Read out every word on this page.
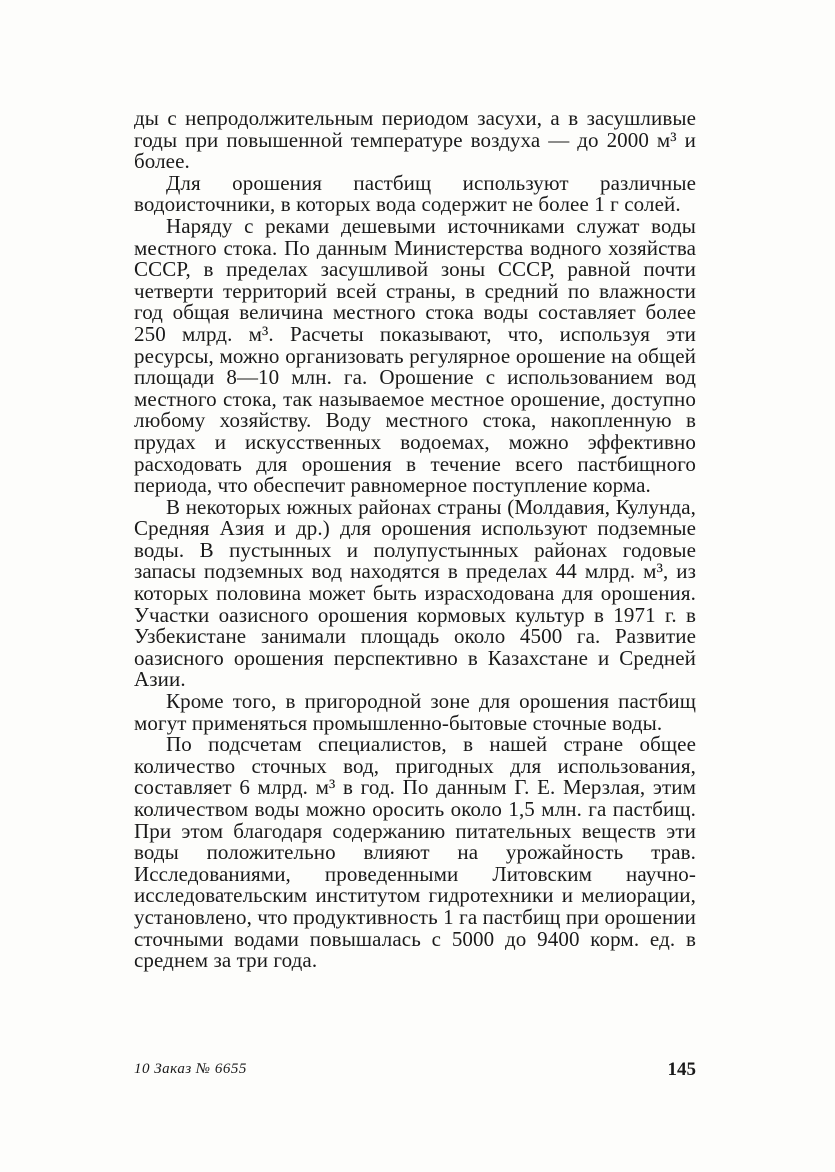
ды с непродолжительным периодом засухи, а в засушливые годы при повышенной температуре воздуха — до 2000 м³ и более.

Для орошения пастбищ используют различные водоисточники, в которых вода содержит не более 1 г солей.

Наряду с реками дешевыми источниками служат воды местного стока. По данным Министерства водного хозяйства СССР, в пределах засушливой зоны СССР, равной почти четверти территорий всей страны, в средний по влажности год общая величина местного стока воды составляет более 250 млрд. м³. Расчеты показывают, что, используя эти ресурсы, можно организовать регулярное орошение на общей площади 8—10 млн. га. Орошение с использованием вод местного стока, так называемое местное орошение, доступно любому хозяйству. Воду местного стока, накопленную в прудах и искусственных водоемах, можно эффективно расходовать для орошения в течение всего пастбищного периода, что обеспечит равномерное поступление корма.

В некоторых южных районах страны (Молдавия, Кулунда, Средняя Азия и др.) для орошения используют подземные воды. В пустынных и полупустынных районах годовые запасы подземных вод находятся в пределах 44 млрд. м³, из которых половина может быть израсходована для орошения. Участки оазисного орошения кормовых культур в 1971 г. в Узбекистане занимали площадь около 4500 га. Развитие оазисного орошения перспективно в Казахстане и Средней Азии.

Кроме того, в пригородной зоне для орошения пастбищ могут применяться промышленно-бытовые сточные воды.

По подсчетам специалистов, в нашей стране общее количество сточных вод, пригодных для использования, составляет 6 млрд. м³ в год. По данным Г. Е. Мерзлая, этим количеством воды можно оросить около 1,5 млн. га пастбищ. При этом благодаря содержанию питательных веществ эти воды положительно влияют на урожайность трав. Исследованиями, проведенными Литовским научно-исследовательским институтом гидротехники и мелиорации, установлено, что продуктивность 1 га пастбищ при орошении сточными водами повышалась с 5000 до 9400 корм. ед. в среднем за три года.

10 Заказ № 6655	145
